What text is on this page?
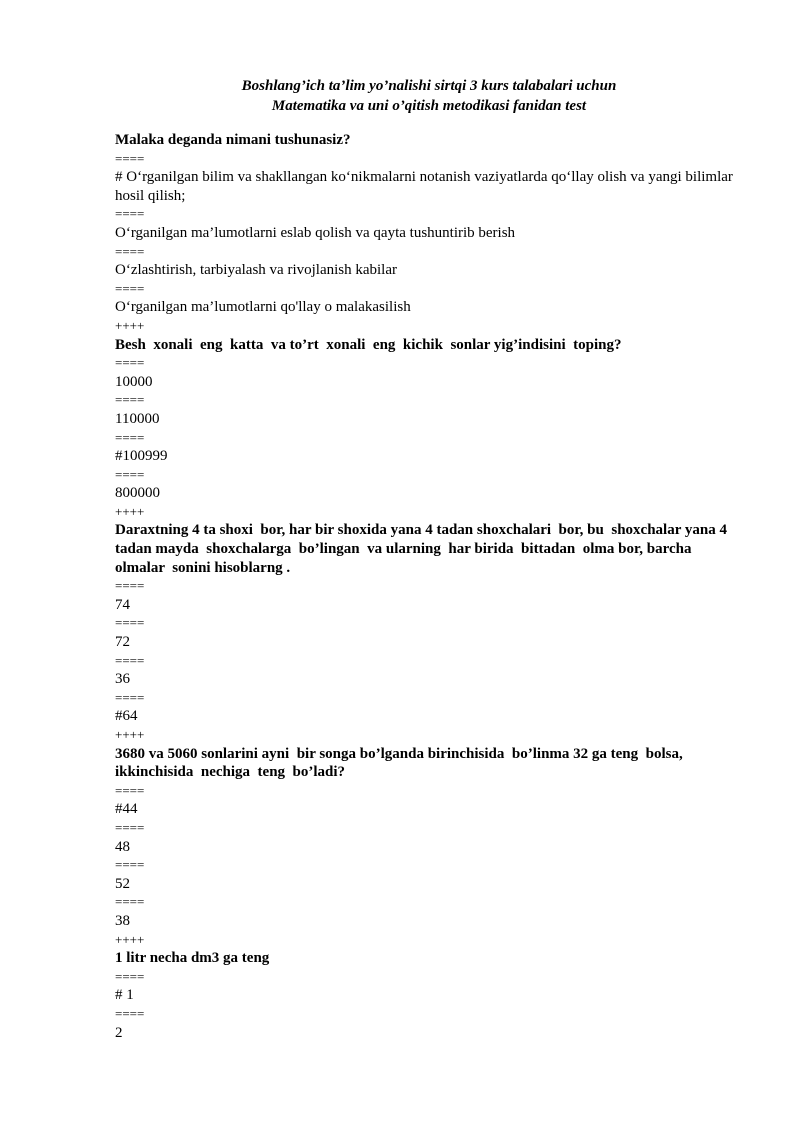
Boshlang’ich ta’lim yo’nalishi sirtqi 3 kurs talabalari uchun
Matematika va uni o’qitish metodikasi fanidan test
Malaka deganda nimani tushunasiz?
====
# O‘rganilgan bilim va shakllangan ko‘nikmalarni notanish vaziyatlarda qo‘llay olish va yangi bilimlar hosil qilish;
====
O‘rganilgan ma’lumotlarni eslab qolish va qayta tushuntirib berish
====
O‘zlashtirish, tarbiyalash va rivojlanish kabilar
====
O‘rganilgan ma’lumotlarni qo'llay o malakasilish
++++
Besh  xonali  eng  katta  va to’rt  xonali  eng  kichik  sonlar yig’indisini  toping?
====
10000
====
110000
====
#100999
====
800000
++++
Daraxtning 4 ta shoxi  bor, har bir shoxida yana 4 tadan shoxchalari  bor, bu  shoxchalar yana 4 tadan mayda  shoxchalarga  bo’lingan  va ularning  har birida  bittadan  olma bor, barcha  olmalar  sonini hisoblarng .
====
74
====
72
====
36
====
#64
++++
3680 va 5060 sonlarini ayni  bir songa bo’lganda birinchisida  bo’linma 32 ga teng  bolsa, ikkinchisida  nechiga  teng  bo’ladi?
====
#44
====
48
====
52
====
38
++++
1 litr necha dm3 ga teng
====
# 1
====
2
